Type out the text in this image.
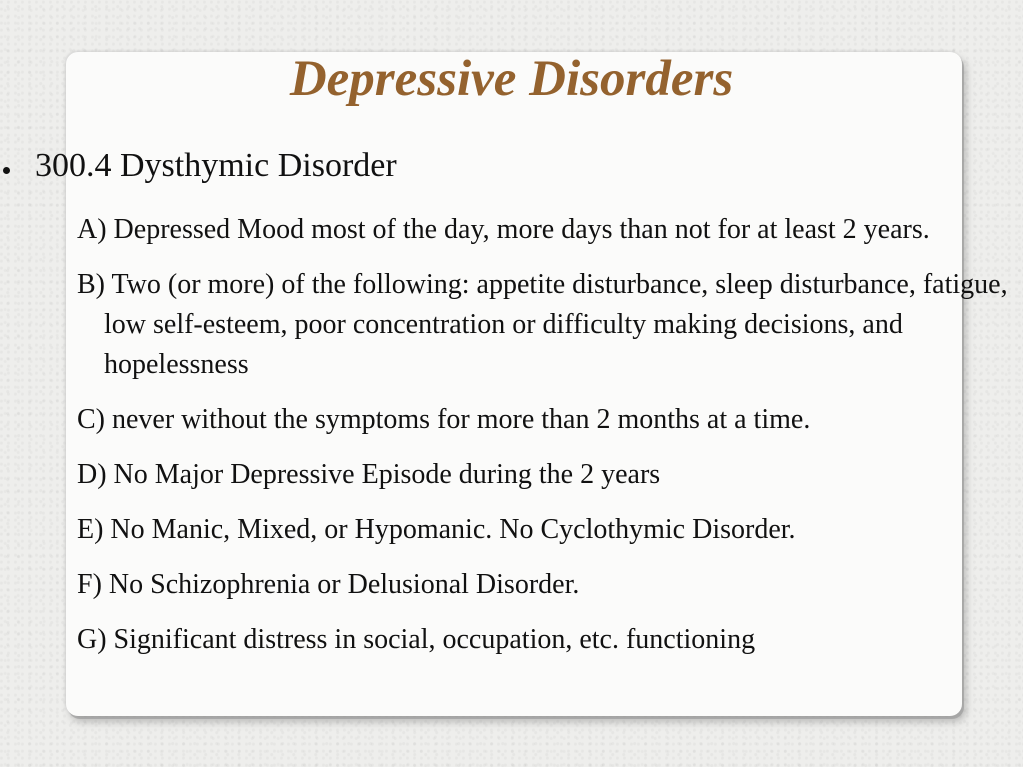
Depressive Disorders
300.4 Dysthymic Disorder
A) Depressed Mood most of the day, more days than not for at least 2 years.
B) Two (or more) of the following: appetite disturbance, sleep disturbance, fatigue, low self-esteem, poor concentration or difficulty making decisions, and hopelessness
C) never without the symptoms for more than 2 months at a time.
D) No Major Depressive Episode during the 2 years
E) No Manic, Mixed, or Hypomanic. No Cyclothymic Disorder.
F) No Schizophrenia or Delusional Disorder.
G) Significant distress in social, occupation, etc. functioning
